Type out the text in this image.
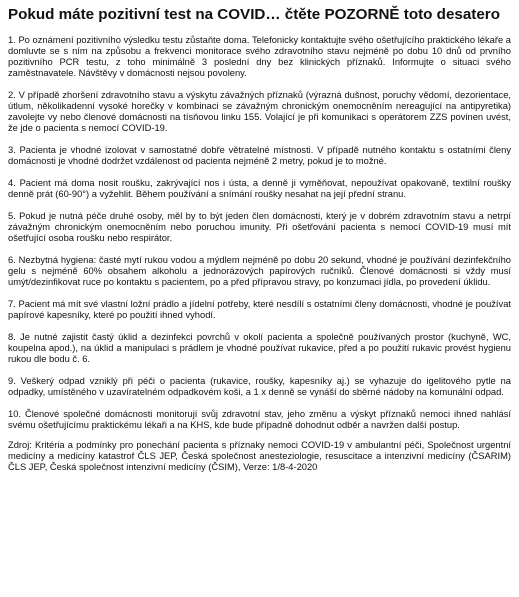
Pokud máte pozitivní test na COVID… čtěte POZORNĚ toto desatero

1. Po oznámení pozitivního výsledku testu zůstaňte doma. Telefonicky kontaktujte svého ošetřujícího praktického lékaře a domluvte se s ním na způsobu a frekvenci monitorace svého zdravotního stavu nejméně po dobu 10 dnů od prvního pozitivního PCR testu, z toho minimálně 3 poslední dny bez klinických příznaků. Informujte o situaci svého zaměstnavatele. Návštěvy v domácnosti nejsou povoleny.

2. V případě zhoršení zdravotního stavu a výskytu závažných příznaků (výrazná dušnost, poruchy vědomí, dezorientace, útlum, několikadenní vysoké horečky v kombinaci se závažným chronickým onemocněním nereagující na antipyretika) zavolejte vy nebo členové domácnosti na tísňovou linku 155. Volající je při komunikaci s operátorem ZZS povinen uvést, že jde o pacienta s nemocí COVID-19.

3. Pacienta je vhodné izolovat v samostatné dobře větratelné místnosti. V případě nutného kontaktu s ostatními členy domácnosti je vhodné dodržet vzdálenost od pacienta nejméně 2 metry, pokud je to možné.

4. Pacient má doma nosit roušku, zakrývající nos i ústa, a denně ji vyměňovat, nepoužívat opakovaně, textilní roušky denně prát (60-90°) a vyžehlit. Během používání a snímání roušky nesahat na její přední stranu.

5. Pokud je nutná péče druhé osoby, měl by to být jeden člen domácnosti, který je v dobrém zdravotním stavu a netrpí závažným chronickým onemocněním nebo poruchou imunity. Při ošetřování pacienta s nemocí COVID-19 musí mít ošetřující osoba roušku nebo respirátor.

6. Nezbytná hygiena: časté mytí rukou vodou a mýdlem nejméně po dobu 20 sekund, vhodné je používání dezinfekčního gelu s nejméně 60% obsahem alkoholu a jednorázových papírových ručníků. Členové domácnosti si vždy musí umýt/dezinfikovat ruce po kontaktu s pacientem, po a před přípravou stravy, po konzumaci jídla, po provedení úklidu.

7. Pacient má mít své vlastní ložní prádlo a jídelní potřeby, které nesdílí s ostatními členy domácnosti, vhodné je používat papírové kapesníky, které po použití ihned vyhodí.

8. Je nutné zajistit častý úklid a dezinfekci povrchů v okolí pacienta a společně používaných prostor (kuchyně, WC, koupelna apod.), na úklid a manipulaci s prádlem je vhodné používat rukavice, před a po použití rukavic provést hygienu rukou dle bodu č. 6.

9. Veškerý odpad vzniklý při péči o pacienta (rukavice, roušky, kapesníky aj.) se vyhazuje do igelitového pytle na odpadky, umístěného v uzavíratelném odpadkovém koši, a 1 x denně se vynáší do sběrné nádoby na komunální odpad.

10. Členové společné domácnosti monitorují svůj zdravotní stav, jeho změnu a výskyt příznaků nemoci ihned nahlásí svému ošetřujícímu praktickému lékaři a na KHS, kde bude případně dohodnut odběr a navržen další postup.

Zdroj: Kritéria a podmínky pro ponechání pacienta s příznaky nemoci COVID-19 v ambulantní péči, Společnost urgentní medicíny a medicíny katastrof ČLS JEP, Česká společnost anesteziologie, resuscitace a intenzivní medicíny (ČSARIM) ČLS JEP, Česká společnost intenzivní medicíny (ČSIM), Verze: 1/8-4-2020
